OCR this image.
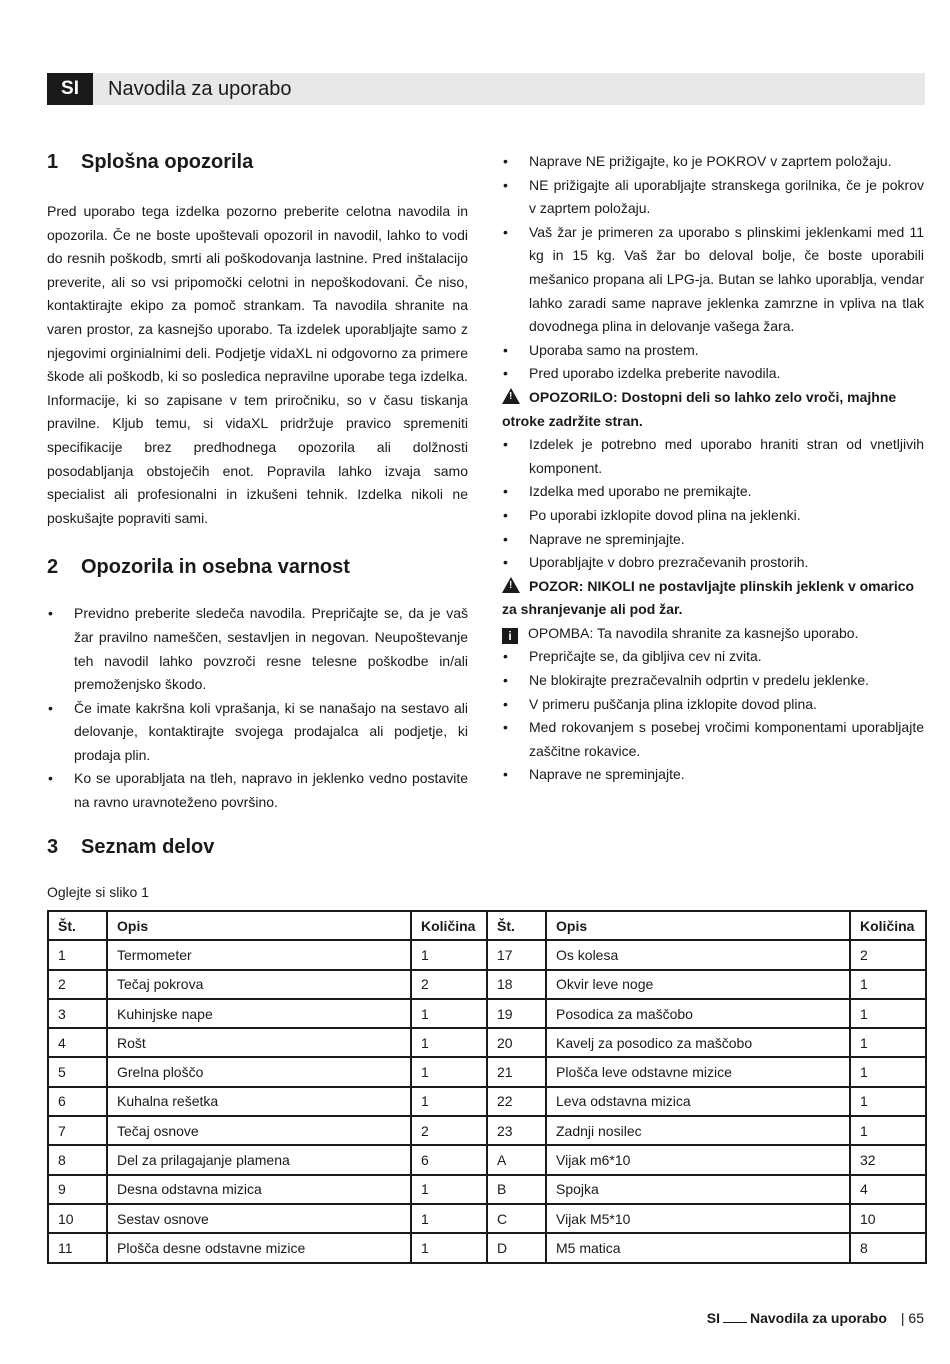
SI	Navodila za uporabo
1 Splošna opozorila

Pred uporabo tega izdelka pozorno preberite celotna navodila in opozorila. Če ne boste upoštevali opozoril in navodil, lahko to vodi do resnih poškodb, smrti ali poškodovanja lastnine. Pred inštalacijo preverite, ali so vsi pripomočki celotni in nepoškodovani. Če niso, kontaktirajte ekipo za pomoč strankam. Ta navodila shranite na varen prostor, za kasnejšo uporabo. Ta izdelek uporabljajte samo z njegovimi orginialnimi deli. Podjetje vidaXL ni odgovorno za primere škode ali poškodb, ki so posledica nepravilne uporabe tega izdelka. Informacije, ki so zapisane v tem priročniku, so v času tiskanja pravilne. Kljub temu, si vidaXL pridržuje pravico spremeniti specifikacije brez predhodnega opozorila ali dolžnosti posodabljanja obstoječih enot. Popravila lahko izvaja samo specialist ali profesionalni in izkušeni tehnik. Izdelka nikoli ne poskušajte popraviti sami.

2 Opozorila in osebna varnost
• Previdno preberite sledeča navodila. Prepričajte se, da je vaš žar pravilno nameščen, sestavljen in negovan. Neupoštevanje teh navodil lahko povzroči resne telesne poškodbe in/ali premoženjsko škodo.
• Če imate kakršna koli vprašanja, ki se nanašajo na sestavo ali delovanje, kontaktirajte svojega prodajalca ali podjetje, ki prodaja plin.
• Ko se uporabljata na tleh, napravo in jeklenko vedno postavite na ravno uravnoteženo površino.
• Naprave NE prižigajte, ko je POKROV v zaprtem položaju.
• NE prižigajte ali uporabljajte stranskega gorilnika, če je pokrov v zaprtem položaju.
• Vaš žar je primeren za uporabo s plinskimi jeklenkami med 11 kg in 15 kg. Vaš žar bo deloval bolje, če boste uporabili mešanico propana ali LPG-ja. Butan se lahko uporablja, vendar lahko zaradi same naprave jeklenka zamrzne in vpliva na tlak dovodnega plina in delovanje vašega žara.
• Uporaba samo na prostem.
• Pred uporabo izdelka preberite navodila.
!OPOZORILO: Dostopni deli so lahko zelo vroči, majhne otroke zadržite stran.
• Izdelek je potrebno med uporabo hraniti stran od vnetljivih komponent.
• Izdelka med uporabo ne premikajte.
• Po uporabi izklopite dovod plina na jeklenki.
• Naprave ne spreminjajte.
• Uporabljajte v dobro prezračevanih prostorih.
!POZOR: NIKOLI ne postavljajte plinskih jeklenk v omarico za shranjevanje ali pod žar.
i OPOMBA: Ta navodila shranite za kasnejšo uporabo.
• Prepričajte se, da gibljiva cev ni zvita.
• Ne blokirajte prezračevalnih odprtin v predelu jeklenke.
• V primeru puščanja plina izklopite dovod plina.
• Med rokovanjem s posebej vročimi komponentami uporabljajte zaščitne rokavice.
• Naprave ne spreminjajte.
3 Seznam delov
Oglejte si sliko 1
Št.	Opis	Količina	Št.	Opis	Količina
1	Termometer	1	17	Os kolesa	2
2	Tečaj pokrova	2	18	Okvir leve noge	1
3	Kuhinjske nape	1	19	Posodica za maščobo	1
4	Rošt	1	20	Kavelj za posodico za maščobo	1
5	Grelna ploščo	1	21	Plošča leve odstavne mizice	1
6	Kuhalna rešetka	1	22	Leva odstavna mizica	1
7	Tečaj osnove	2	23	Zadnji nosilec	1
8	Del za prilagajanje plamena	6	A	Vijak m6*10	32
9	Desna odstavna mizica	1	B	Spojka	4
10	Sestav osnove	1	C	Vijak M5*10	10
11	Plošča desne odstavne mizice	1	D	M5 matica	8
SI Navodila za uporabo | 65
